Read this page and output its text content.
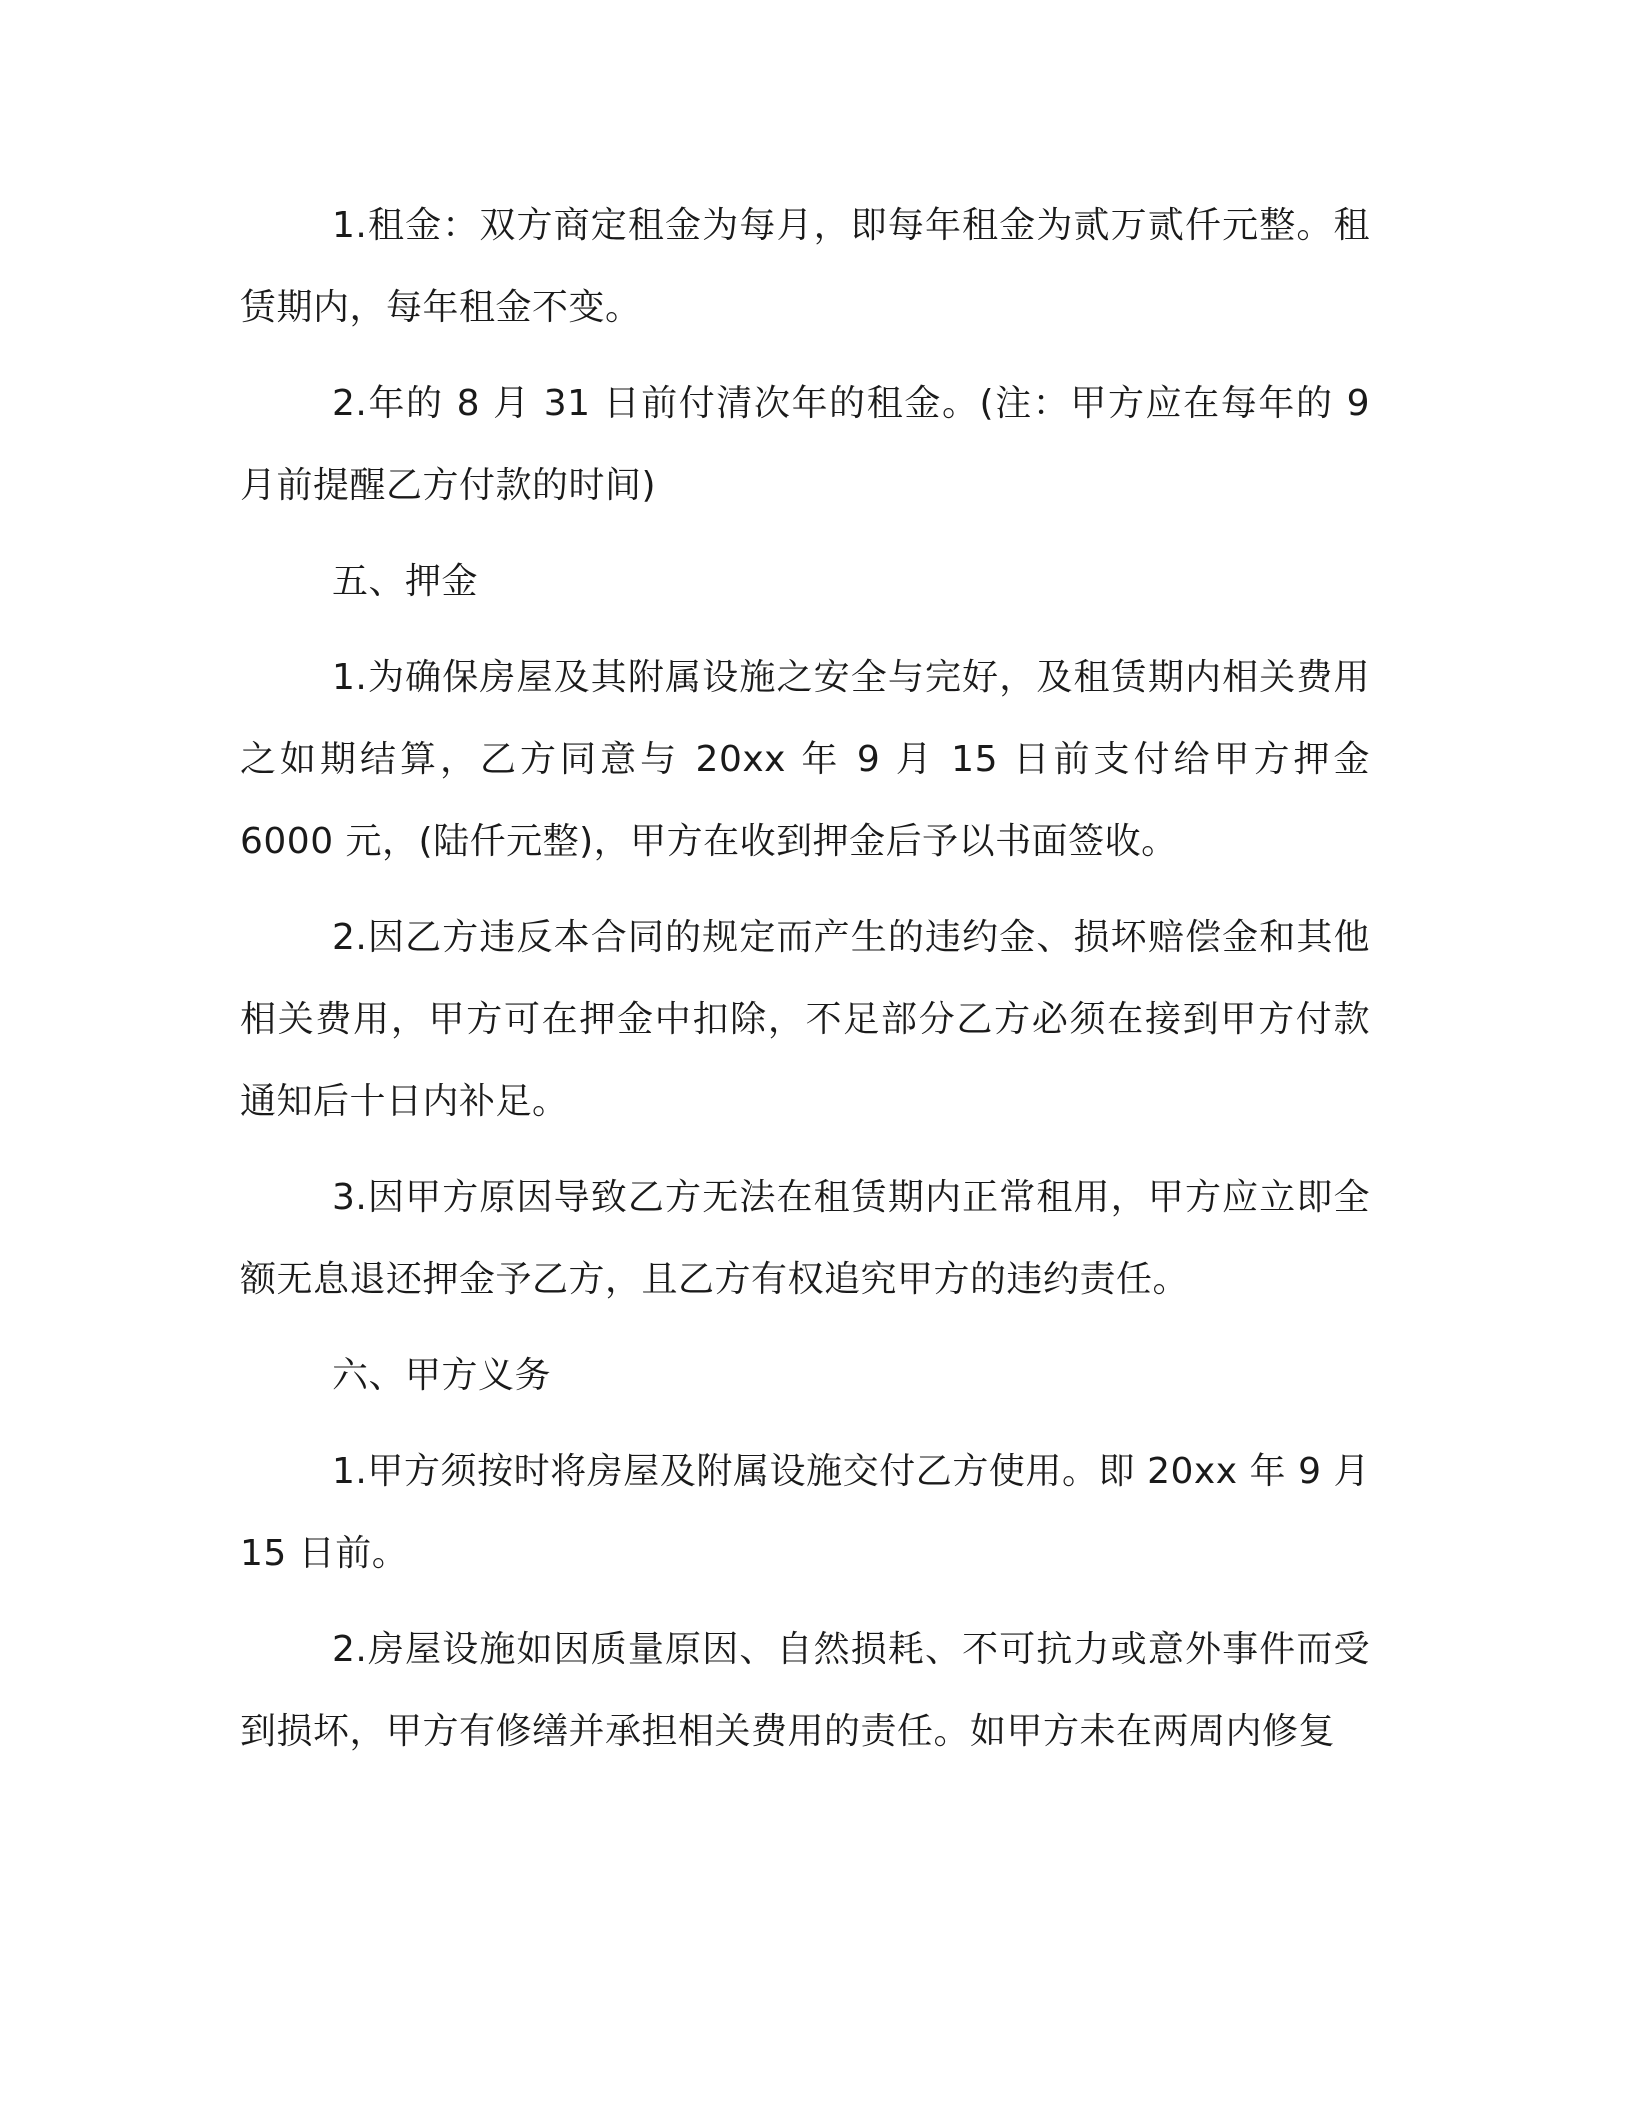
1.租金：双方商定租金为每月，即每年租金为贰万贰仟元整。租赁期内，每年租金不变。

2.年的 8 月 31 日前付清次年的租金。(注：甲方应在每年的 9 月前提醒乙方付款的时间)

五、押金

1.为确保房屋及其附属设施之安全与完好，及租赁期内相关费用之如期结算，乙方同意与 20xx 年 9 月 15 日前支付给甲方押金 6000 元，(陆仟元整)，甲方在收到押金后予以书面签收。

2.因乙方违反本合同的规定而产生的违约金、损坏赔偿金和其他相关费用，甲方可在押金中扣除，不足部分乙方必须在接到甲方付款通知后十日内补足。

3.因甲方原因导致乙方无法在租赁期内正常租用，甲方应立即全额无息退还押金予乙方，且乙方有权追究甲方的违约责任。

六、甲方义务

1.甲方须按时将房屋及附属设施交付乙方使用。即 20xx 年 9 月 15 日前。

2.房屋设施如因质量原因、自然损耗、不可抗力或意外事件而受到损坏，甲方有修缮并承担相关费用的责任。如甲方未在两周内修复
